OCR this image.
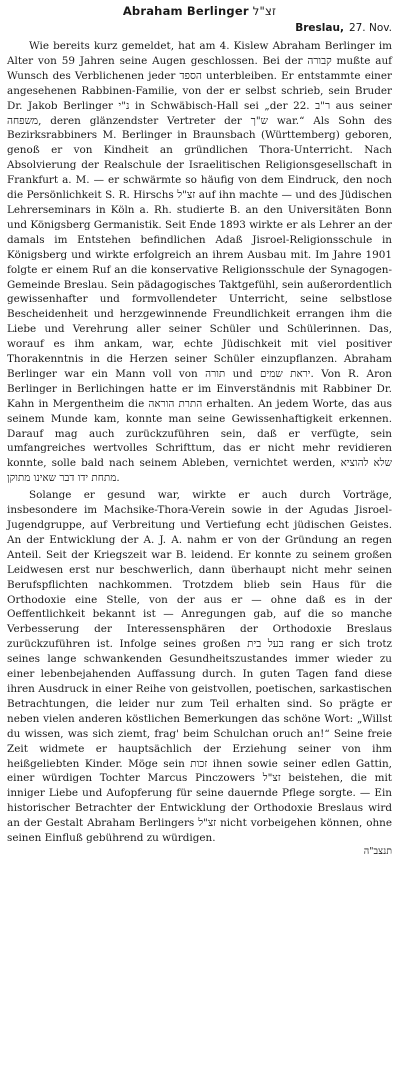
Abraham Berlinger זצ"ל
Breslau, 27. Nov.

Wie bereits kurz gemeldet, hat am 4. Kislew Abraham Berlinger im Alter von 59 Jahren seine Augen geschlossen. Bei der קבורה mußte auf Wunsch des Verblichenen jeder הספד unterbleiben. Er entstammte einer angesehenen Rabbinen-Familie, von der er selbst schrieb, sein Bruder Dr. Jakob Berlinger נ"י in Schwäbisch-Hall sei „der 22. ר"ב aus seiner משפחה, deren glänzendster Vertreter der ש"ך war.“ Als Sohn des Bezirksrabbiners M. Berlinger in Braunsbach (Württemberg) geboren, genoß er von Kindheit an gründlichen Thora-Unterricht. Nach Absolvierung der Realschule der Israelitischen Religionsgesellschaft in Frankfurt a. M. — er schwärmte so häufig von dem Eindruck, den noch die Persönlichkeit S. R. Hirschs זצ"ל auf ihn machte — und des Jüdischen Lehrerseminars in Köln a. Rh. studierte B. an den Universitäten Bonn und Königsberg Germanistik. Seit Ende 1893 wirkte er als Lehrer an der damals im Entstehen befindlichen Adaß Jisroel-Religionsschule in Königsberg und wirkte erfolgreich an ihrem Ausbau mit. Im Jahre 1901 folgte er einem Ruf an die konservative Religionsschule der Synagogen-Gemeinde Breslau. Sein pädagogisches Taktgefühl, sein außerordentlich gewissenhafter und formvollendeter Unterricht, seine selbstlose Bescheidenheit und herzgewinnende Freundlichkeit errangen ihm die Liebe und Verehrung aller seiner Schüler und Schülerinnen. Das, worauf es ihm ankam, war, echte Jüdischkeit mit viel positiver Thorakenntnis in die Herzen seiner Schüler einzupflanzen. Abraham Berlinger war ein Mann voll von תורה und יראת שמים. Von R. Aron Berlinger in Berlichingen hatte er im Einverständnis mit Rabbiner Dr. Kahn in Mergentheim die התרת הוראה erhalten. An jedem Worte, das aus seinem Munde kam, konnte man seine Gewissenhaftigkeit erkennen. Darauf mag auch zurückzuführen sein, daß er verfügte, sein umfangreiches wertvolles Schrifttum, das er nicht mehr revidieren konnte, solle bald nach seinem Ableben, vernichtet werden, שלא להוציא מתחת ידו דבר שאינו מתוקן.

Solange er gesund war, wirkte er auch durch Vorträge, insbesondere im Machsike-Thora-Verein sowie in der Agudas Jisroel-Jugendgruppe, auf Verbreitung und Vertiefung echt jüdischen Geistes. An der Entwicklung der A. J. A. nahm er von der Gründung an regen Anteil. Seit der Kriegszeit war B. leidend. Er konnte zu seinem großen Leidwesen erst nur beschwerlich, dann überhaupt nicht mehr seinen Berufspflichten nachkommen. Trotzdem blieb sein Haus für die Orthodoxie eine Stelle, von der aus er — ohne daß es in der Oeffentlichkeit bekannt ist — Anregungen gab, auf die so manche Verbesserung der Interessensphären der Orthodoxie Breslaus zurückzuführen ist. Infolge seines großen בעל בית rang er sich trotz seines lange schwankenden Gesundheitszustandes immer wieder zu einer lebenbejahenden Auffassung durch. In guten Tagen fand diese ihren Ausdruck in einer Reihe von geistvollen, poetischen, sarkastischen Betrachtungen, die leider nur zum Teil erhalten sind. So prägte er neben vielen anderen köstlichen Bemerkungen das schöne Wort: „Willst du wissen, was sich ziemt, frag' beim Schulchan oruch an!“ Seine freie Zeit widmete er hauptsächlich der Erziehung seiner von ihm heißgeliebten Kinder. Möge sein זכות ihnen sowie seiner edlen Gattin, einer würdigen Tochter Marcus Pinczowers זצ"ל beistehen, die mit inniger Liebe und Aufopferung für seine dauernde Pflege sorgte. — Ein historischer Betrachter der Entwicklung der Orthodoxie Breslaus wird an der Gestalt Abraham Berlingers זצ"ל nicht vorbeigehen können, ohne seinen Einfluß gebührend zu würdigen.

תנצב"ה
